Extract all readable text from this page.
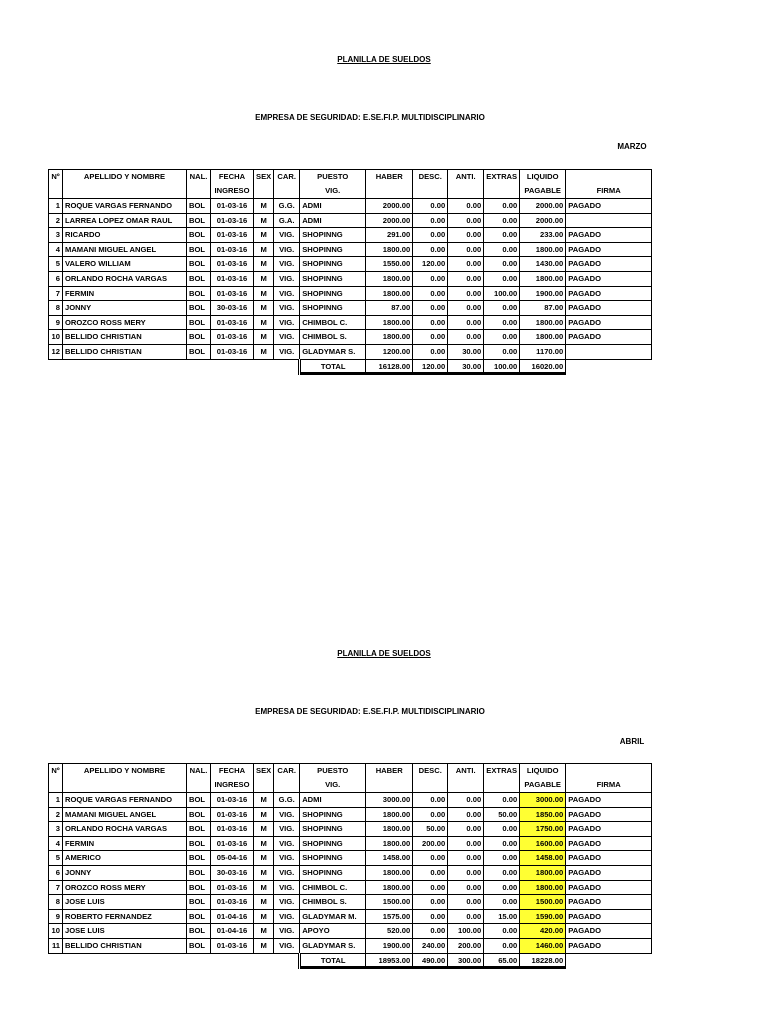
PLANILLA DE SUELDOS
EMPRESA DE SEGURIDAD: E.SE.FI.P. MULTIDISCIPLINARIO
MARZO
Nº	APELLIDO Y NOMBRE	NAL.	FECHA	SEX	CAR.	PUESTO	HABER	DESC.	ANTI.	EXTRAS	LIQUIDO	
			INGRESO			VIG.					PAGABLE	FIRMA
1	ROQUE VARGAS FERNANDO	BOL	01-03-16	M	G.G.	ADMI	2000.00	0.00	0.00	0.00	2000.00	PAGADO
2	LARREA LOPEZ OMAR RAUL	BOL	01-03-16	M	G.A.	ADMI	2000.00	0.00	0.00	0.00	2000.00	
3	RICARDO	BOL	01-03-16	M	VIG.	SHOPINNG	291.00	0.00	0.00	0.00	233.00	PAGADO
4	MAMANI MIGUEL ANGEL	BOL	01-03-16	M	VIG.	SHOPINNG	1800.00	0.00	0.00	0.00	1800.00	PAGADO
5	VALERO WILLIAM	BOL	01-03-16	M	VIG.	SHOPINNG	1550.00	120.00	0.00	0.00	1430.00	PAGADO
6	ORLANDO ROCHA VARGAS	BOL	01-03-16	M	VIG.	SHOPINNG	1800.00	0.00	0.00	0.00	1800.00	PAGADO
7	FERMIN	BOL	01-03-16	M	VIG.	SHOPINNG	1800.00	0.00	0.00	100.00	1900.00	PAGADO
8	JONNY	BOL	30-03-16	M	VIG.	SHOPINNG	87.00	0.00	0.00	0.00	87.00	PAGADO
9	OROZCO ROSS MERY	BOL	01-03-16	M	VIG.	CHIMBOL C.	1800.00	0.00	0.00	0.00	1800.00	PAGADO
10	BELLIDO CHRISTIAN	BOL	01-03-16	M	VIG.	CHIMBOL S.	1800.00	0.00	0.00	0.00	1800.00	PAGADO
12	BELLIDO CHRISTIAN	BOL	01-03-16	M	VIG.	GLADYMAR S.	1200.00	0.00	30.00	0.00	1170.00	
						TOTAL	16128.00	120.00	30.00	100.00	16020.00	
PLANILLA DE SUELDOS
EMPRESA DE SEGURIDAD: E.SE.FI.P. MULTIDISCIPLINARIO
ABRIL
Nº	APELLIDO Y NOMBRE	NAL.	FECHA	SEX	CAR.	PUESTO	HABER	DESC.	ANTI.	EXTRAS	LIQUIDO	
			INGRESO			VIG.					PAGABLE	FIRMA
1	ROQUE VARGAS FERNANDO	BOL	01-03-16	M	G.G.	ADMI	3000.00	0.00	0.00	0.00	3000.00	PAGADO
2	MAMANI MIGUEL ANGEL	BOL	01-03-16	M	VIG.	SHOPINNG	1800.00	0.00	0.00	50.00	1850.00	PAGADO
3	ORLANDO ROCHA VARGAS	BOL	01-03-16	M	VIG.	SHOPINNG	1800.00	50.00	0.00	0.00	1750.00	PAGADO
4	FERMIN	BOL	01-03-16	M	VIG.	SHOPINNG	1800.00	200.00	0.00	0.00	1600.00	PAGADO
5	AMERICO	BOL	05-04-16	M	VIG.	SHOPINNG	1458.00	0.00	0.00	0.00	1458.00	PAGADO
6	JONNY	BOL	30-03-16	M	VIG.	SHOPINNG	1800.00	0.00	0.00	0.00	1800.00	PAGADO
7	OROZCO ROSS MERY	BOL	01-03-16	M	VIG.	CHIMBOL C.	1800.00	0.00	0.00	0.00	1800.00	PAGADO
8	JOSE LUIS	BOL	01-03-16	M	VIG.	CHIMBOL S.	1500.00	0.00	0.00	0.00	1500.00	PAGADO
9	ROBERTO FERNANDEZ	BOL	01-04-16	M	VIG.	GLADYMAR M.	1575.00	0.00	0.00	15.00	1590.00	PAGADO
10	JOSE LUIS	BOL	01-04-16	M	VIG.	APOYO	520.00	0.00	100.00	0.00	420.00	PAGADO
11	BELLIDO CHRISTIAN	BOL	01-03-16	M	VIG.	GLADYMAR S.	1900.00	240.00	200.00	0.00	1460.00	PAGADO
						TOTAL	18953.00	490.00	300.00	65.00	18228.00	
